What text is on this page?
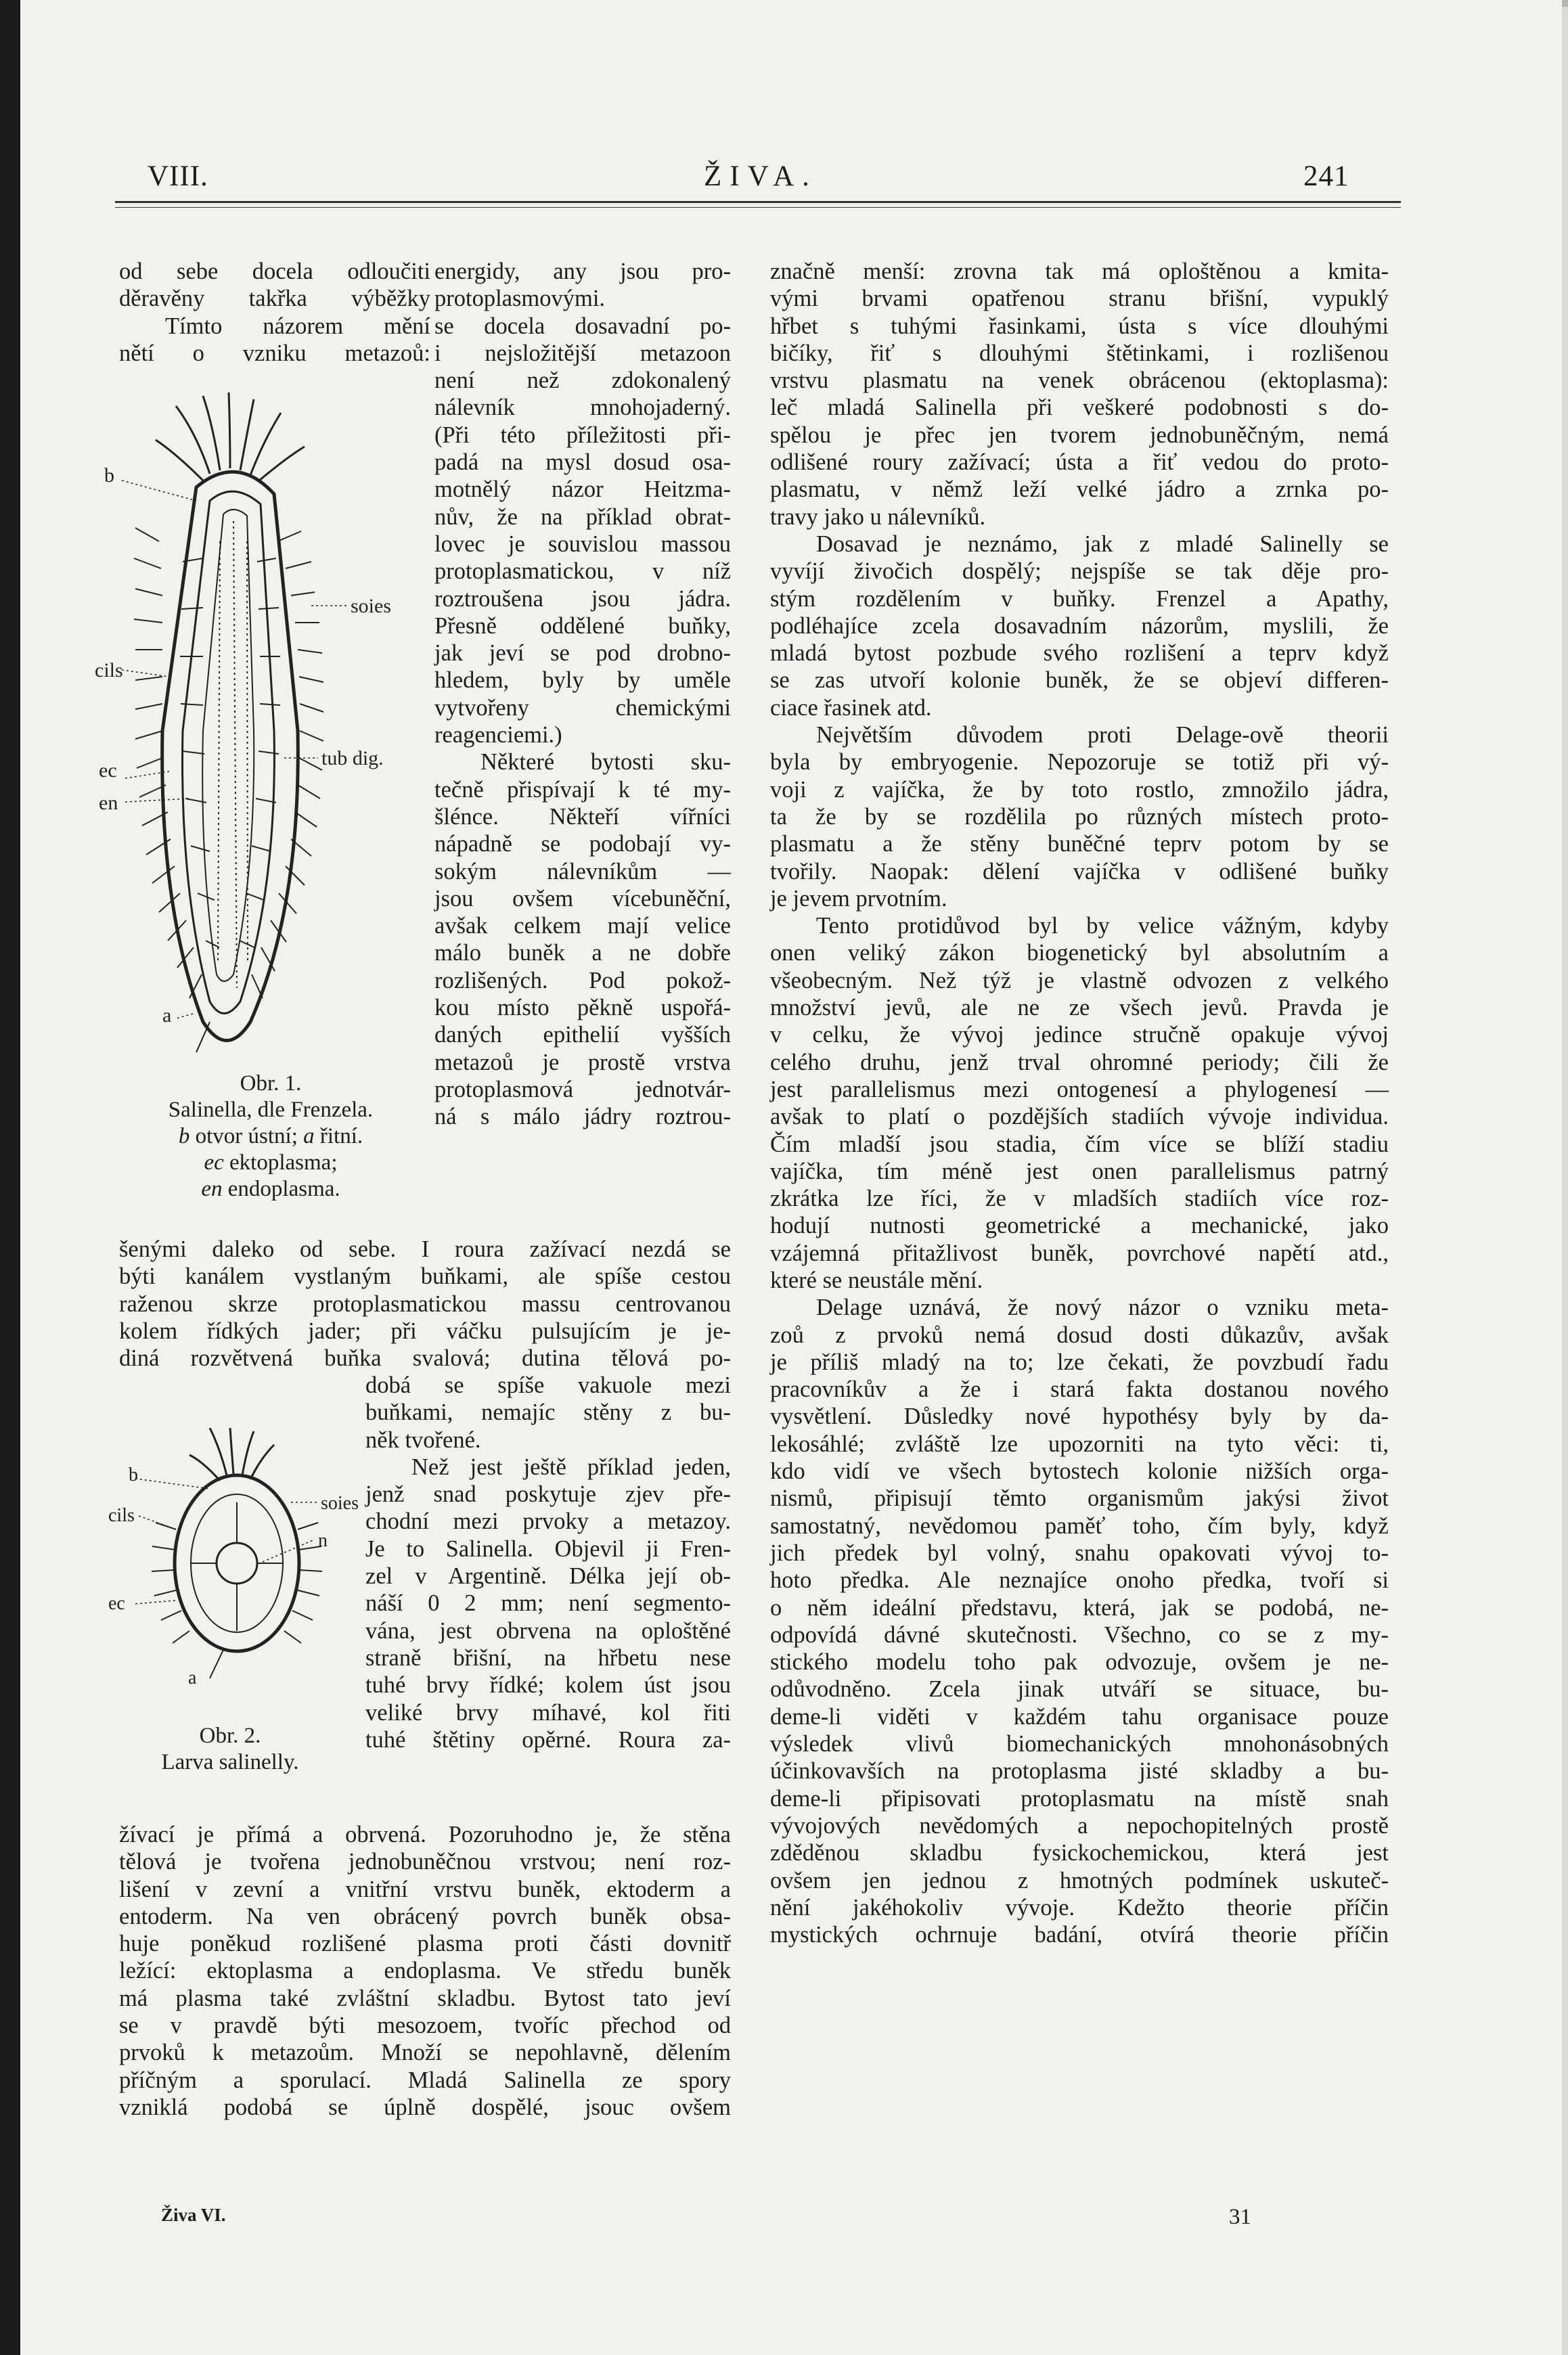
VIII.	ŽIVA.	241
b
cils
ec
en
a
soies
tub dig.
Obr. 1.
Salinella, dle Frenzela.
b otvor ústní; a řitní.
ec ektoplasma;
en endoplasma.
b
cils
ec
a
soies
n
Obr. 2.
Larva salinelly.
od sebe docela odloučiti
děravěny takřka výběžky
Tímto názorem mění
nětí o vzniku metazoů:
energidy, any jsou pro-
protoplasmovými.
se docela dosavadní po-
i nejsložitější metazoon
není než zdokonalený
nálevník mnohojaderný.
(Při této příležitosti při-
padá na mysl dosud osa-
motnělý názor Heitzma-
nův, že na příklad obrat-
lovec je souvislou massou
protoplasmatickou, v níž
roztroušena jsou jádra.
Přesně oddělené buňky,
jak jeví se pod drobno-
hledem, byly by uměle
vytvořeny chemickými
reagenciemi.)
Některé bytosti sku-
tečně přispívají k té my-
šlénce. Někteří vířníci
nápadně se podobají vy-
sokým nálevníkům —
jsou ovšem vícebuněční,
avšak celkem mají velice
málo buněk a ne dobře
rozlišených. Pod pokož-
kou místo pěkně uspořá-
daných epithelií vyšších
metazoů je prostě vrstva
protoplasmová jednotvár-
ná s málo jádry roztrou-
šenými daleko od sebe. I roura zažívací nezdá se
býti kanálem vystlaným buňkami, ale spíše cestou
raženou skrze protoplasmatickou massu centrovanou
kolem řídkých jader; při váčku pulsujícím je je-
diná rozvětvená buňka svalová; dutina tělová po-
dobá se spíše vakuole mezi
buňkami, nemajíc stěny z bu-
něk tvořené.
Než jest ještě příklad jeden,
jenž snad poskytuje zjev pře-
chodní mezi prvoky a metazoy.
Je to Salinella. Objevil ji Fren-
zel v Argentině. Délka její ob-
náší 0 2 mm; není segmento-
vána, jest obrvena na oploštěné
straně břišní, na hřbetu nese
tuhé brvy řídké; kolem úst jsou
veliké brvy míhavé, kol řiti
tuhé štětiny opěrné. Roura za-
žívací je přímá a obrvená. Pozoruhodno je, že stěna
tělová je tvořena jednobuněčnou vrstvou; není roz-
lišení v zevní a vnitřní vrstvu buněk, ektoderm a
entoderm. Na ven obrácený povrch buněk obsa-
huje poněkud rozlišené plasma proti části dovnitř
ležící: ektoplasma a endoplasma. Ve středu buněk
má plasma také zvláštní skladbu. Bytost tato jeví
se v pravdě býti mesozoem, tvoříc přechod od
prvoků k metazoům. Množí se nepohlavně, dělením
příčným a sporulací. Mladá Salinella ze spory
vzniklá podobá se úplně dospělé, jsouc ovšem
značně menší: zrovna tak má oploštěnou a kmita-
vými brvami opatřenou stranu břišní, vypuklý
hřbet s tuhými řasinkami, ústa s více dlouhými
bičíky, řiť s dlouhými štětinkami, i rozlišenou
vrstvu plasmatu na venek obrácenou (ektoplasma):
leč mladá Salinella při veškeré podobnosti s do-
spělou je přec jen tvorem jednobuněčným, nemá
odlišené roury zažívací; ústa a řiť vedou do proto-
plasmatu, v němž leží velké jádro a zrnka po-
travy jako u nálevníků.
Dosavad je neznámo, jak z mladé Salinelly se
vyvíjí živočich dospělý; nejspíše se tak děje pro-
stým rozdělením v buňky. Frenzel a Apathy,
podléhajíce zcela dosavadním názorům, myslili, že
mladá bytost pozbude svého rozlišení a teprv když
se zas utvoří kolonie buněk, že se objeví differen-
ciace řasinek atd.
Největším důvodem proti Delage-ově theorii
byla by embryogenie. Nepozoruje se totiž při vý-
voji z vajíčka, že by toto rostlo, zmnožilo jádra,
ta že by se rozdělila po různých místech proto-
plasmatu a že stěny buněčné teprv potom by se
tvořily. Naopak: dělení vajíčka v odlišené buňky
je jevem prvotním.
Tento protidůvod byl by velice vážným, kdyby
onen veliký zákon biogenetický byl absolutním a
všeobecným. Než týž je vlastně odvozen z velkého
množství jevů, ale ne ze všech jevů. Pravda je
v celku, že vývoj jedince stručně opakuje vývoj
celého druhu, jenž trval ohromné periody; čili že
jest parallelismus mezi ontogenesí a phylogenesí —
avšak to platí o pozdějších stadiích vývoje individua.
Čím mladší jsou stadia, čím více se blíží stadiu
vajíčka, tím méně jest onen parallelismus patrný
zkrátka lze říci, že v mladších stadiích více roz-
hodují nutnosti geometrické a mechanické, jako
vzájemná přitažlivost buněk, povrchové napětí atd.,
které se neustále mění.
Delage uznává, že nový názor o vzniku meta-
zoů z prvoků nemá dosud dosti důkazův, avšak
je příliš mladý na to; lze čekati, že povzbudí řadu
pracovníkův a že i stará fakta dostanou nového
vysvětlení. Důsledky nové hypothésy byly by da-
lekosáhlé; zvláště lze upozorniti na tyto věci: ti,
kdo vidí ve všech bytostech kolonie nižších orga-
nismů, připisují těmto organismům jakýsi život
samostatný, nevědomou paměť toho, čím byly, když
jich předek byl volný, snahu opakovati vývoj to-
hoto předka. Ale neznajíce onoho předka, tvoří si
o něm ideální představu, která, jak se podobá, ne-
odpovídá dávné skutečnosti. Všechno, co se z my-
stického modelu toho pak odvozuje, ovšem je ne-
odůvodněno. Zcela jinak utváří se situace, bu-
deme-li viděti v každém tahu organisace pouze
výsledek vlivů biomechanických mnohonásobných
účinkovavších na protoplasma jisté skladby a bu-
deme-li připisovati protoplasmatu na místě snah
vývojových nevědomých a nepochopitelných prostě
zděděnou skladbu fysickochemickou, která jest
ovšem jen jednou z hmotných podmínek uskuteč-
nění jakéhokoliv vývoje. Kdežto theorie příčin
mystických ochrnuje badání, otvírá theorie příčin
Živa VI.	31
